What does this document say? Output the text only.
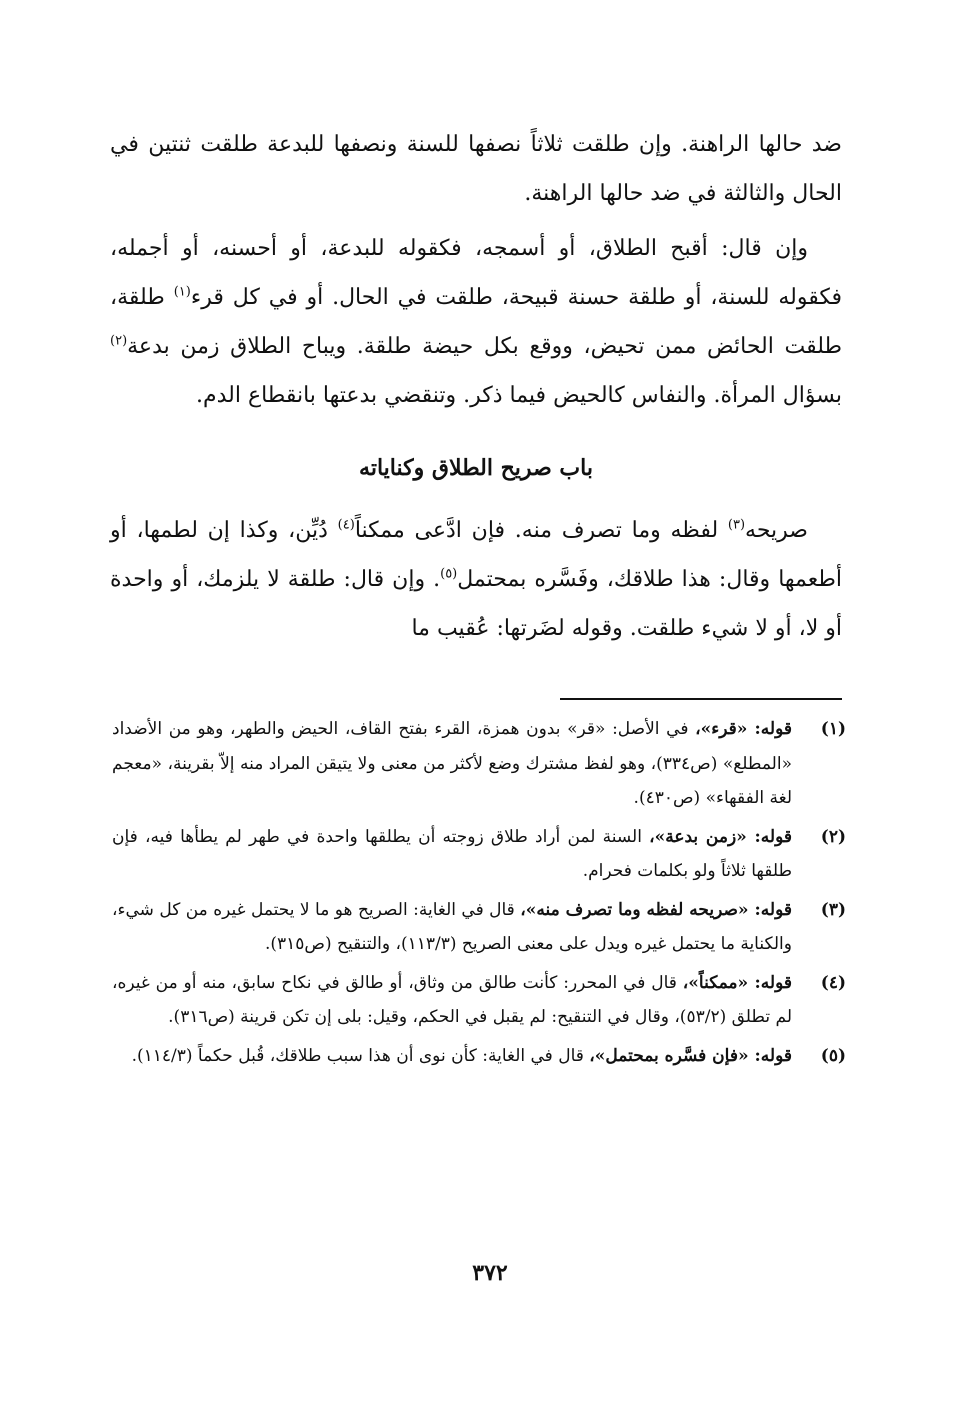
ضد حالها الراهنة. وإن طلقت ثلاثاً نصفها للسنة ونصفها للبدعة طلقت ثنتين في الحال والثالثة في ضد حالها الراهنة.

وإن قال: أقبح الطلاق، أو أسمجه، فكقوله للبدعة، أو أحسنه، أو أجمله، فكقوله للسنة، أو طلقة حسنة قبيحة، طلقت في الحال. أو في كل قرء$^{(١)}$ طلقة، طلقت الحائض ممن تحيض، ووقع بكل حيضة طلقة. ويباح الطلاق زمن بدعة$^{(٢)}$ بسؤال المرأة. والنفاس كالحيض فيما ذكر. وتنقضي بدعتها بانقطاع الدم.

باب صريح الطلاق وكناياته

صريحه$^{(٣)}$ لفظه وما تصرف منه. فإن ادَّعى ممكناً$^{(٤)}$ دُيِّن، وكذا إن لطمها، أو أطعمها وقال: هذا طلاقك، وفَسَّره بمحتمل$^{(٥)}$. وإن قال: طلقة لا يلزمك، أو واحدة أو لا، أو لا شيء طلقت. وقوله لضَرتها: عُقيب ما

(١)
قوله: «قرء»، في الأصل: «قر» بدون همزة، القرء بفتح القاف، الحيض والطهر، وهو من الأضداد «المطلع» (ص٣٣٤)، وهو لفظ مشترك وضع لأكثر من معنى ولا يتيقن المراد منه إلاّ بقرينة، «معجم لغة الفقهاء» (ص٤٣٠).
(٢)
قوله: «زمن بدعة»، السنة لمن أراد طلاق زوجته أن يطلقها واحدة في طهر لم يطأها فيه، فإن طلقها ثلاثاً ولو بكلمات فحرام.
(٣)
قوله: «صريحه لفظه وما تصرف منه»، قال في الغاية: الصريح هو ما لا يحتمل غيره من كل شيء، والكناية ما يحتمل غيره ويدل على معنى الصريح (١١٣/٣)، والتنقيح (ص٣١٥).
(٤)
قوله: «ممكناً»، قال في المحرر: كأنت طالق من وثاق، أو طالق في نكاح سابق، منه أو من غيره، لم تطلق (٥٣/٢)، وقال في التنقيح: لم يقبل في الحكم، وقيل: بلى إن تكن قرينة (ص٣١٦).
(٥)
قوله: «فإن فسَّره بمحتمل»، قال في الغاية: كأن نوى أن هذا سبب طلاقك، قُبل حكماً (١١٤/٣).
٣٧٢
